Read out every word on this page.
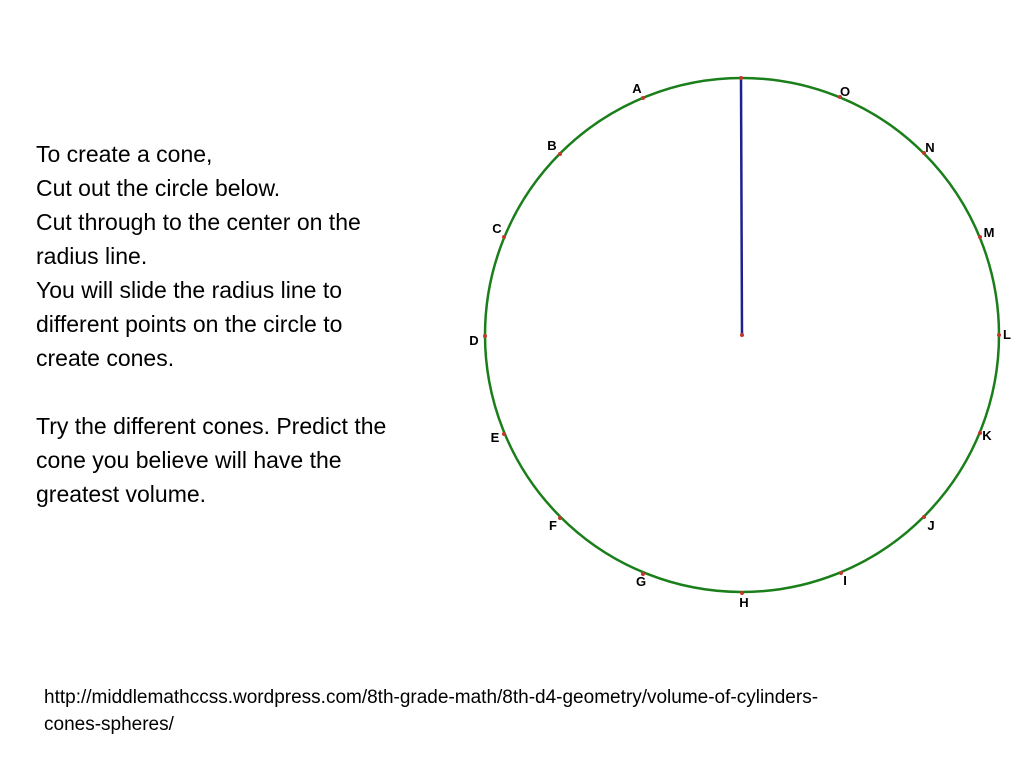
To create a cone,
Cut out the circle below.
Cut through to the center on the
radius line.
You will slide the radius line to
different points on the circle to
create cones.
Try the different cones. Predict the
cone you believe will have the
greatest volume.
A
B
C
D
E
F
G
H
I
J
K
L
M
N
O
http://middlemathccss.wordpress.com/8th-grade-math/8th-d4-geometry/volume-of-cylinders-
cones-spheres/
